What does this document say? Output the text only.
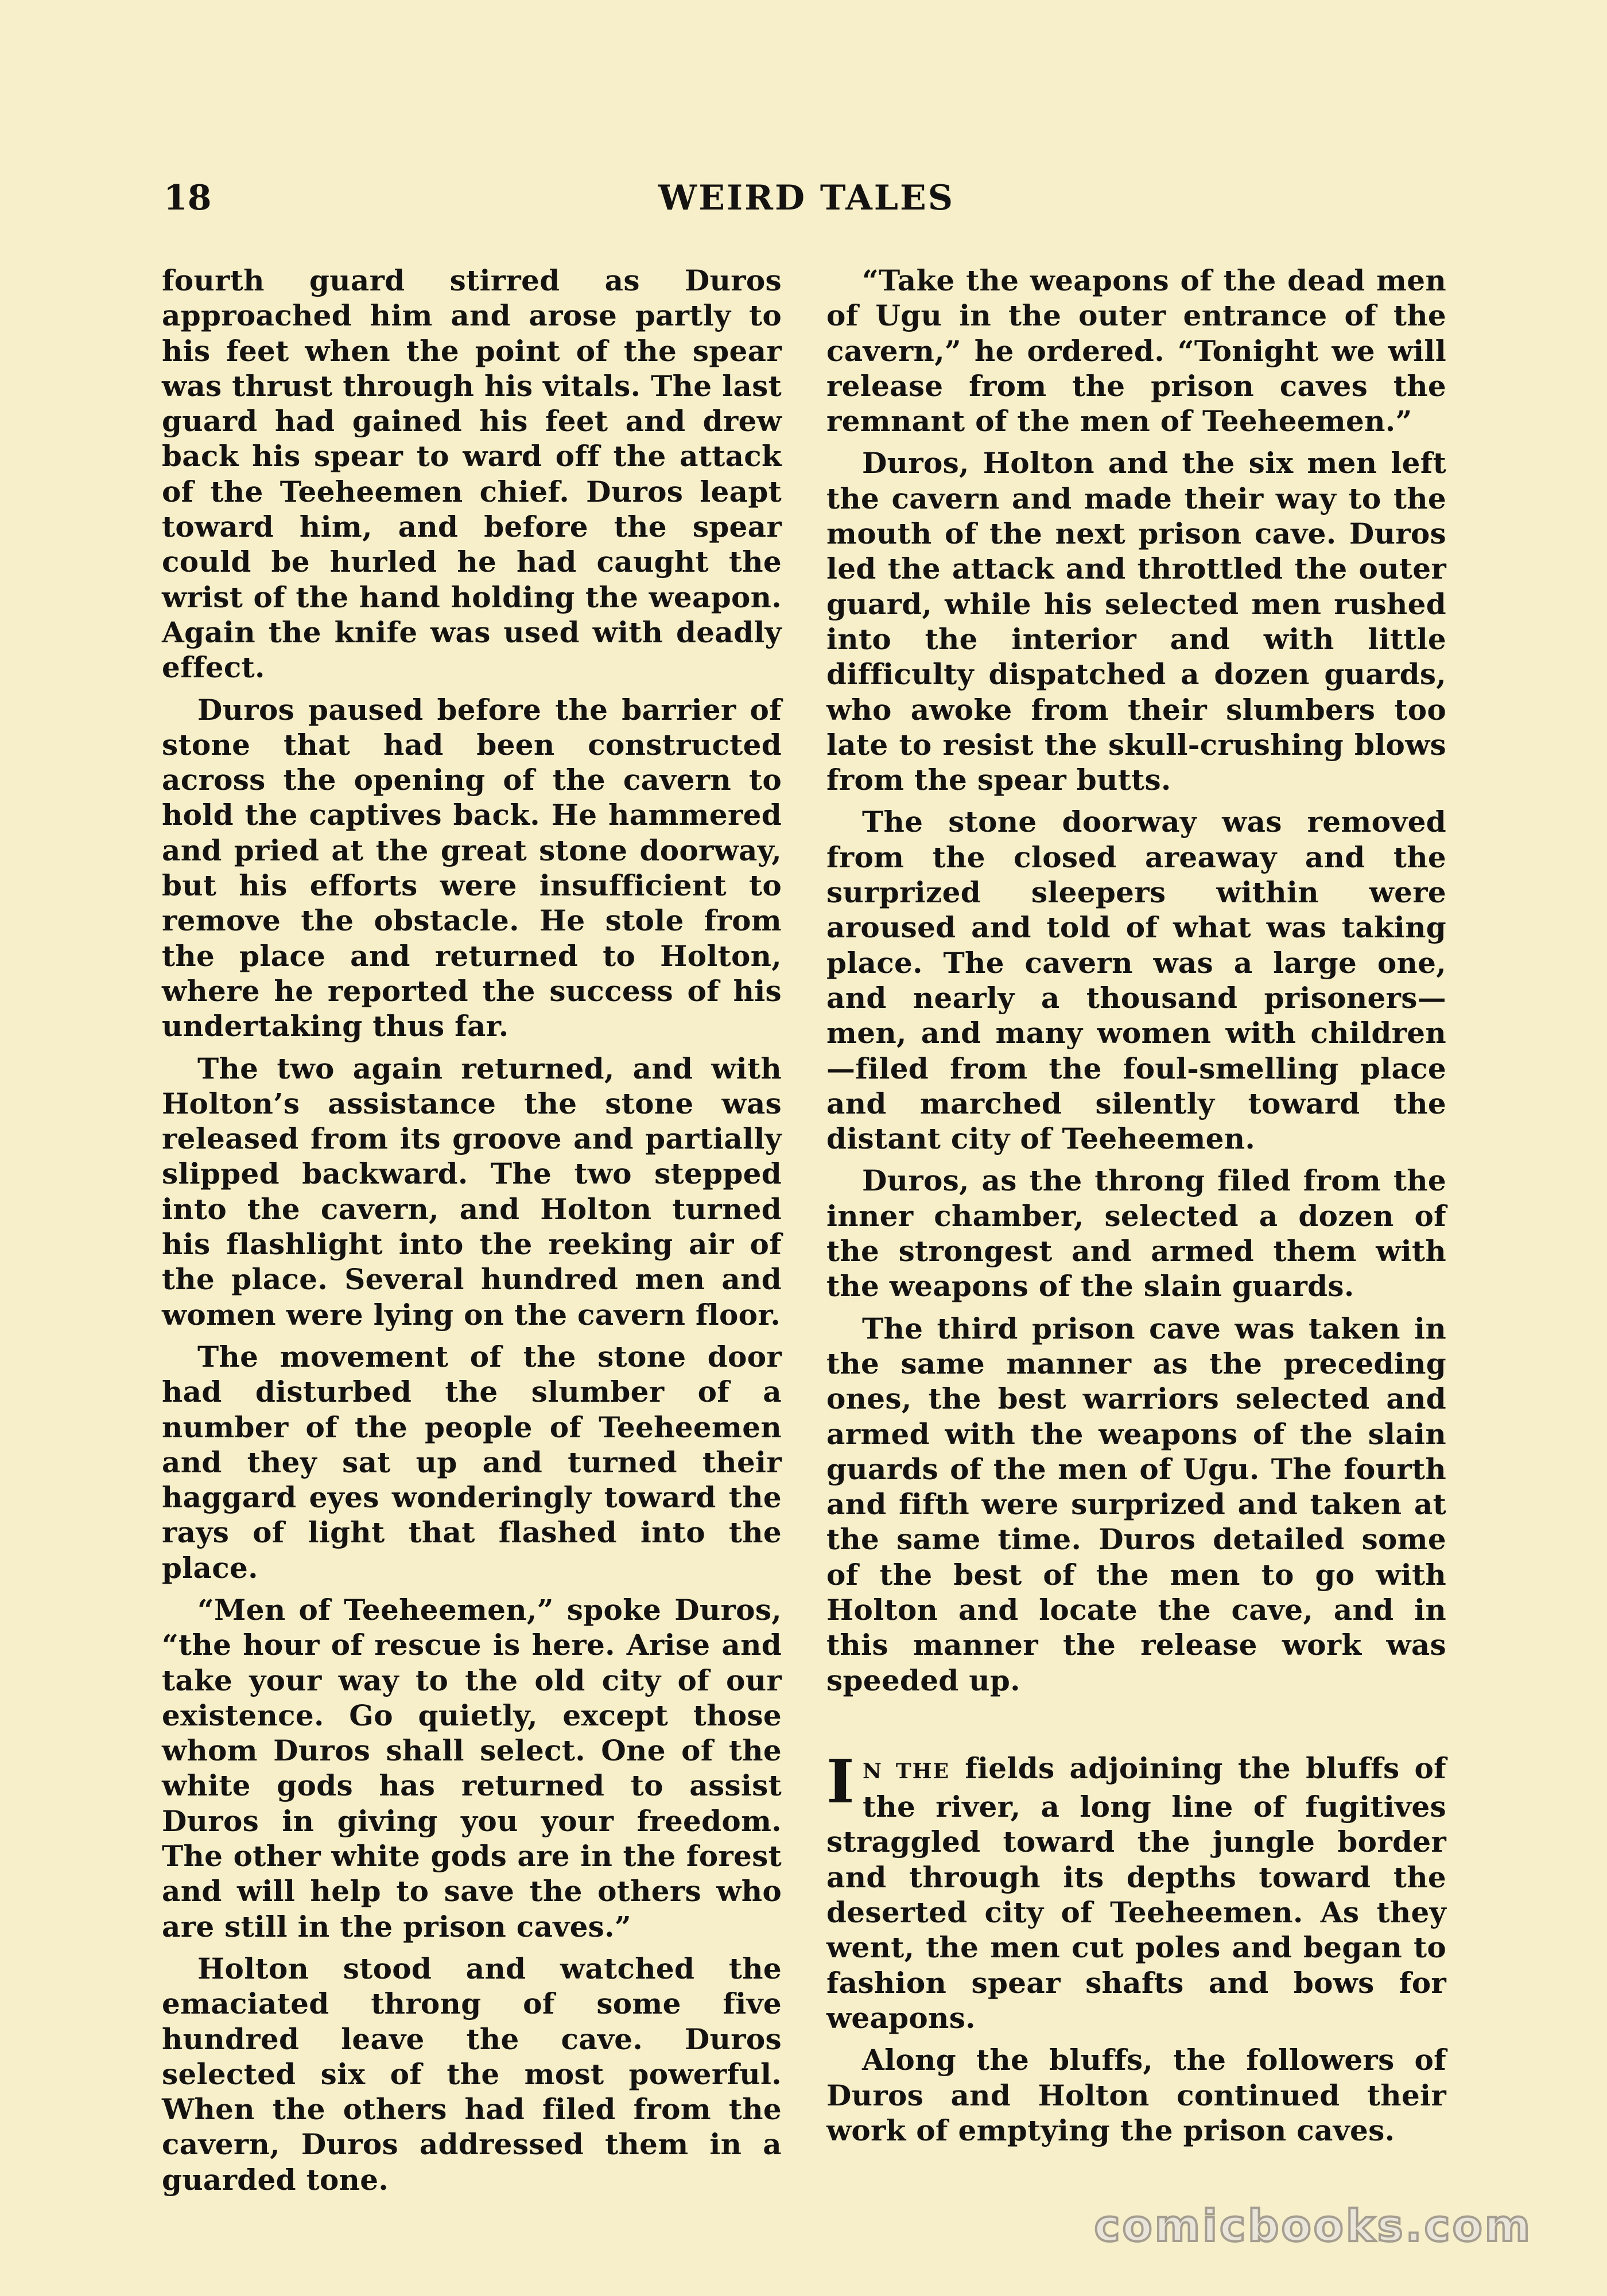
18	WEIRD TALES

fourth guard stirred as Duros approached him and arose partly to his feet when the point of the spear was thrust through his vitals. The last guard had gained his feet and drew back his spear to ward off the attack of the Teeheemen chief. Duros leapt toward him, and before the spear could be hurled he had caught the wrist of the hand holding the weapon. Again the knife was used with deadly effect.

Duros paused before the barrier of stone that had been constructed across the opening of the cavern to hold the captives back. He hammered and pried at the great stone doorway, but his efforts were insufficient to remove the obstacle. He stole from the place and returned to Holton, where he reported the success of his undertaking thus far.

The two again returned, and with Holton’s assistance the stone was released from its groove and partially slipped backward. The two stepped into the cavern, and Holton turned his flashlight into the reeking air of the place. Several hundred men and women were lying on the cavern floor.

The movement of the stone door had disturbed the slumber of a number of the people of Teeheemen and they sat up and turned their haggard eyes wonderingly toward the rays of light that flashed into the place.

“Men of Teeheemen,” spoke Duros, “the hour of rescue is here. Arise and take your way to the old city of our existence. Go quietly, except those whom Duros shall select. One of the white gods has returned to assist Duros in giving you your freedom. The other white gods are in the forest and will help to save the others who are still in the prison caves.”

Holton stood and watched the emaciated throng of some five hundred leave the cave. Duros selected six of the most powerful. When the others had filed from the cavern, Duros addressed them in a guarded tone.

“Take the weapons of the dead men of Ugu in the outer entrance of the cavern,” he ordered. “Tonight we will release from the prison caves the remnant of the men of Teeheemen.”

Duros, Holton and the six men left the cavern and made their way to the mouth of the next prison cave. Duros led the attack and throttled the outer guard, while his selected men rushed into the interior and with little difficulty dispatched a dozen guards, who awoke from their slumbers too late to resist the skull-crushing blows from the spear butts.

The stone doorway was removed from the closed areaway and the surprized sleepers within were aroused and told of what was taking place. The cavern was a large one, and nearly a thousand prisoners—men, and many women with children—filed from the foul-smelling place and marched silently toward the distant city of Teeheemen.

Duros, as the throng filed from the inner chamber, selected a dozen of the strongest and armed them with the weapons of the slain guards.

The third prison cave was taken in the same manner as the preceding ones, the best warriors selected and armed with the weapons of the slain guards of the men of Ugu. The fourth and fifth were surprized and taken at the same time. Duros detailed some of the best of the men to go with Holton and locate the cave, and in this manner the release work was speeded up.

I N THE fields adjoining the bluffs of the river, a long line of fugitives straggled toward the jungle border and through its depths toward the deserted city of Teeheemen. As they went, the men cut poles and began to fashion spear shafts and bows for weapons.

Along the bluffs, the followers of Duros and Holton continued their work of emptying the prison caves.

comicbooks.com
